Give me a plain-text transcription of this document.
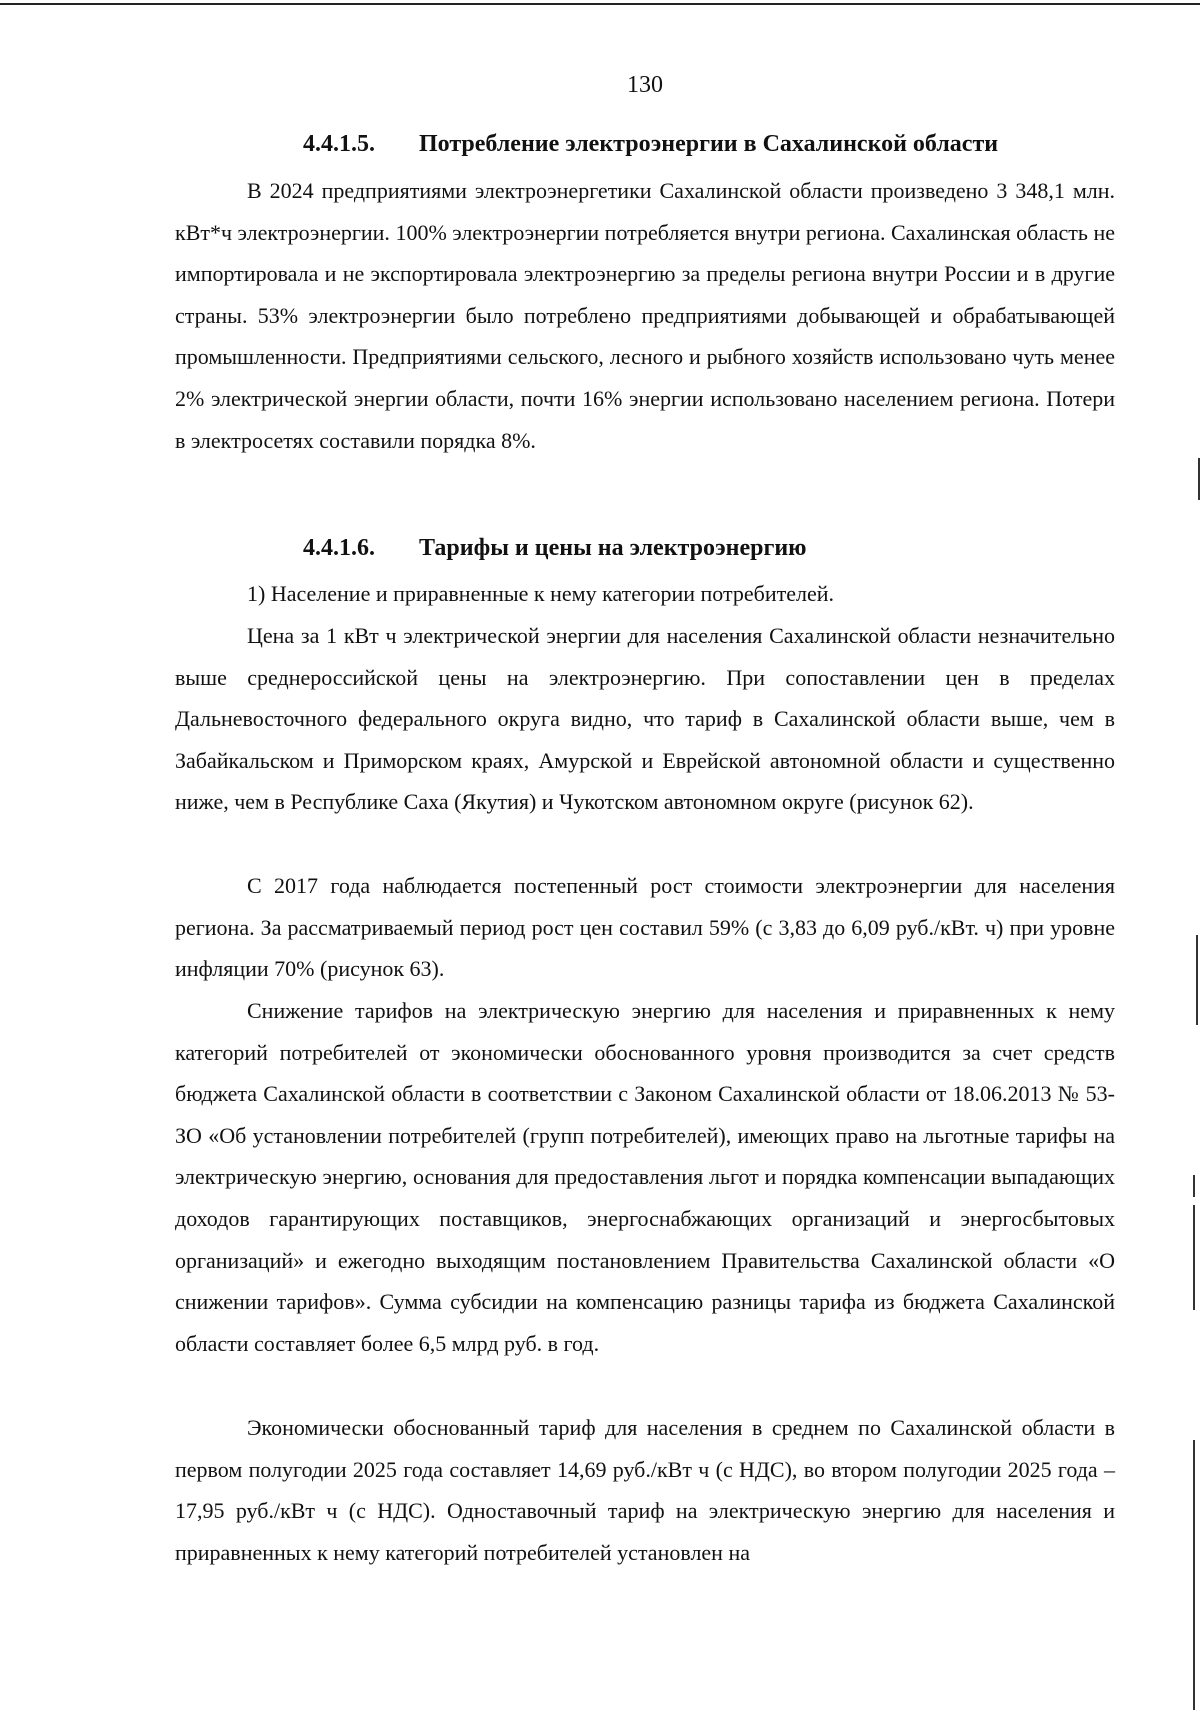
130
4.4.1.5. Потребление электроэнергии в Сахалинской области

В 2024 предприятиями электроэнергетики Сахалинской области произведено 3 348,1 млн. кВт*ч электроэнергии. 100% электроэнергии потребляется внутри региона. Сахалинская область не импортировала и не экспортировала электроэнергию за пределы региона внутри России и в другие страны. 53% электроэнергии было потреблено предприятиями добывающей и обрабатывающей промышленности. Предприятиями сельского, лесного и рыбного хозяйств использовано чуть менее 2% электрической энергии области, почти 16% энергии использовано населением региона. Потери в электросетях составили порядка 8%.

4.4.1.6. Тарифы и цены на электроэнергию

1) Население и приравненные к нему категории потребителей.

Цена за 1 кВт ч электрической энергии для населения Сахалинской области незначительно выше среднероссийской цены на электроэнергию. При сопоставлении цен в пределах Дальневосточного федерального округа видно, что тариф в Сахалинской области выше, чем в Забайкальском и Приморском краях, Амурской и Еврейской автономной области и существенно ниже, чем в Республике Саха (Якутия) и Чукотском автономном округе (рисунок 62).

С 2017 года наблюдается постепенный рост стоимости электроэнергии для населения региона. За рассматриваемый период рост цен составил 59% (с 3,83 до 6,09 руб./кВт. ч) при уровне инфляции 70% (рисунок 63).

Снижение тарифов на электрическую энергию для населения и приравненных к нему категорий потребителей от экономически обоснованного уровня производится за счет средств бюджета Сахалинской области в соответствии с Законом Сахалинской области от 18.06.2013 № 53-ЗО «Об установлении потребителей (групп потребителей), имеющих право на льготные тарифы на электрическую энергию, основания для предоставления льгот и порядка компенсации выпадающих доходов гарантирующих поставщиков, энергоснабжающих организаций и энергосбытовых организаций» и ежегодно выходящим постановлением Правительства Сахалинской области «О снижении тарифов». Сумма субсидии на компенсацию разницы тарифа из бюджета Сахалинской области составляет более 6,5 млрд руб. в год.

Экономически обоснованный тариф для населения в среднем по Сахалинской области в первом полугодии 2025 года составляет 14,69 руб./кВт ч (с НДС), во втором полугодии 2025 года – 17,95 руб./кВт ч (с НДС). Одноставочный тариф на электрическую энергию для населения и приравненных к нему категорий потребителей установлен на
